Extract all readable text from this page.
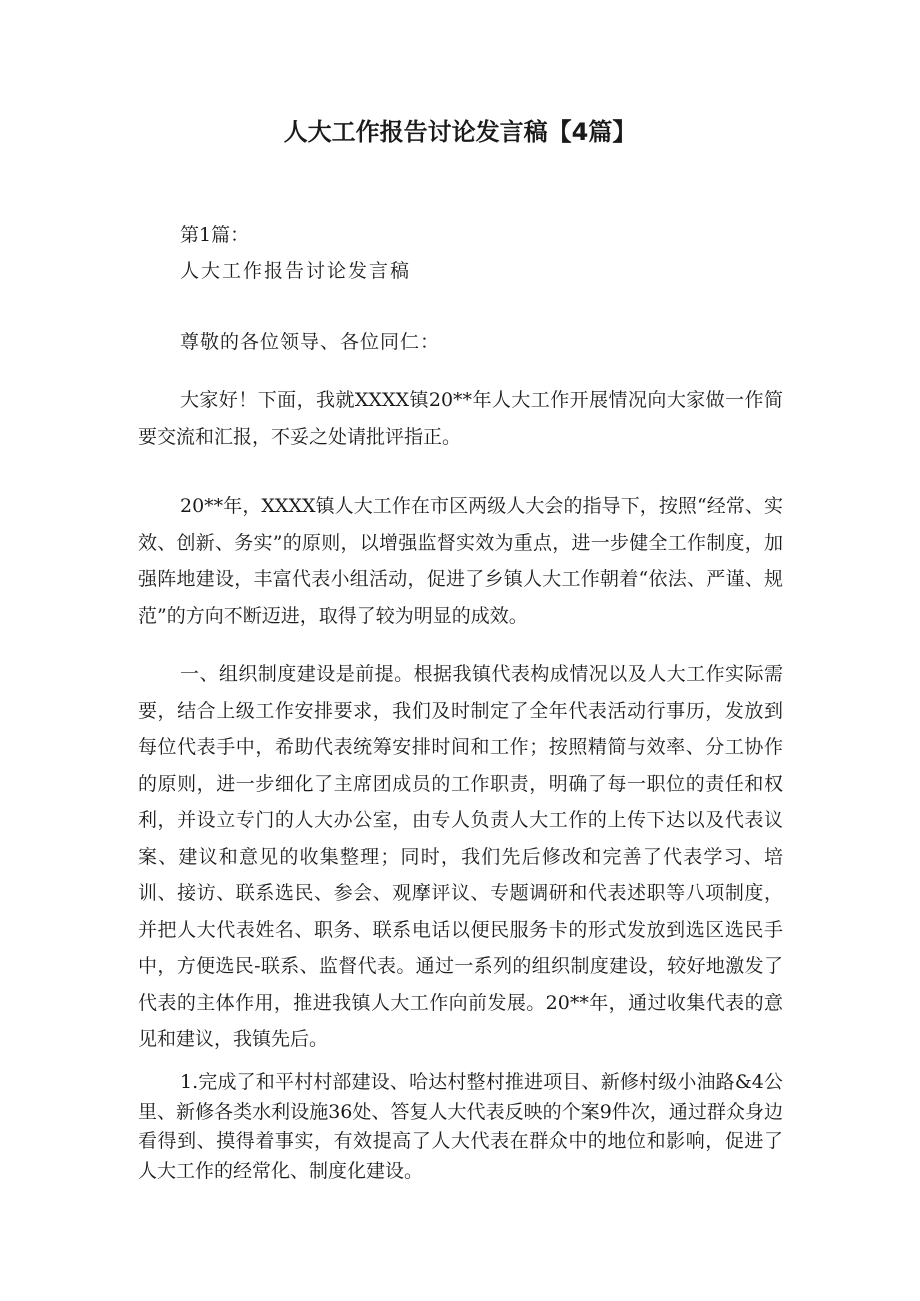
人大工作报告讨论发言稿【4篇】

第1篇：

人大工作报告讨论发言稿

尊敬的各位领导、各位同仁：

大家好！下面，我就XXXX镇20**年人大工作开展情况向大家做一作简要交流和汇报，不妥之处请批评指正。

20**年，XXXX镇人大工作在市区两级人大会的指导下，按照“经常、实效、创新、务实”的原则，以增强监督实效为重点，进一步健全工作制度，加强阵地建设，丰富代表小组活动，促进了乡镇人大工作朝着“依法、严谨、规范”的方向不断迈进，取得了较为明显的成效。

一、组织制度建设是前提。根据我镇代表构成情况以及人大工作实际需要，结合上级工作安排要求，我们及时制定了全年代表活动行事历，发放到每位代表手中，希助代表统筹安排时间和工作；按照精简与效率、分工协作的原则，进一步细化了主席团成员的工作职责，明确了每一职位的责任和权利，并设立专门的人大办公室，由专人负责人大工作的上传下达以及代表议案、建议和意见的收集整理；同时，我们先后修改和完善了代表学习、培训、接访、联系选民、参会、观摩评议、专题调研和代表述职等八项制度，并把人大代表姓名、职务、联系电话以便民服务卡的形式发放到选区选民手中，方便选民-联系、监督代表。通过一系列的组织制度建设，较好地激发了代表的主体作用，推进我镇人大工作向前发展。20**年，通过收集代表的意见和建议，我镇先后。

1.完成了和平村村部建设、哈达村整村推进项目、新修村级小油路&4公里、新修各类水利设施36处、答复人大代表反映的个案9件次，通过群众身边看得到、摸得着事实，有效提高了人大代表在群众中的地位和影响，促进了人大工作的经常化、制度化建设。
